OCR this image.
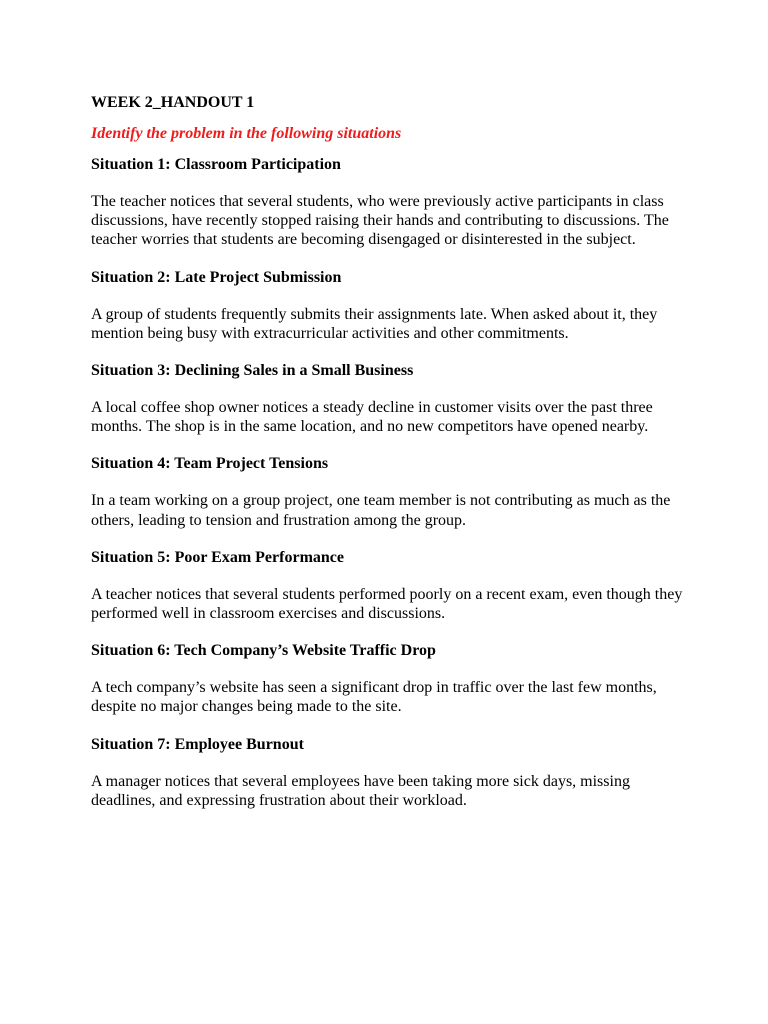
WEEK 2_HANDOUT 1
Identify the problem in the following situations
Situation 1: Classroom Participation
The teacher notices that several students, who were previously active participants in class discussions, have recently stopped raising their hands and contributing to discussions. The teacher worries that students are becoming disengaged or disinterested in the subject.
Situation 2: Late Project Submission
A group of students frequently submits their assignments late. When asked about it, they mention being busy with extracurricular activities and other commitments.
Situation 3: Declining Sales in a Small Business
A local coffee shop owner notices a steady decline in customer visits over the past three months. The shop is in the same location, and no new competitors have opened nearby.
Situation 4: Team Project Tensions
In a team working on a group project, one team member is not contributing as much as the others, leading to tension and frustration among the group.
Situation 5: Poor Exam Performance
A teacher notices that several students performed poorly on a recent exam, even though they performed well in classroom exercises and discussions.
Situation 6: Tech Company’s Website Traffic Drop
A tech company’s website has seen a significant drop in traffic over the last few months, despite no major changes being made to the site.
Situation 7: Employee Burnout
A manager notices that several employees have been taking more sick days, missing deadlines, and expressing frustration about their workload.
